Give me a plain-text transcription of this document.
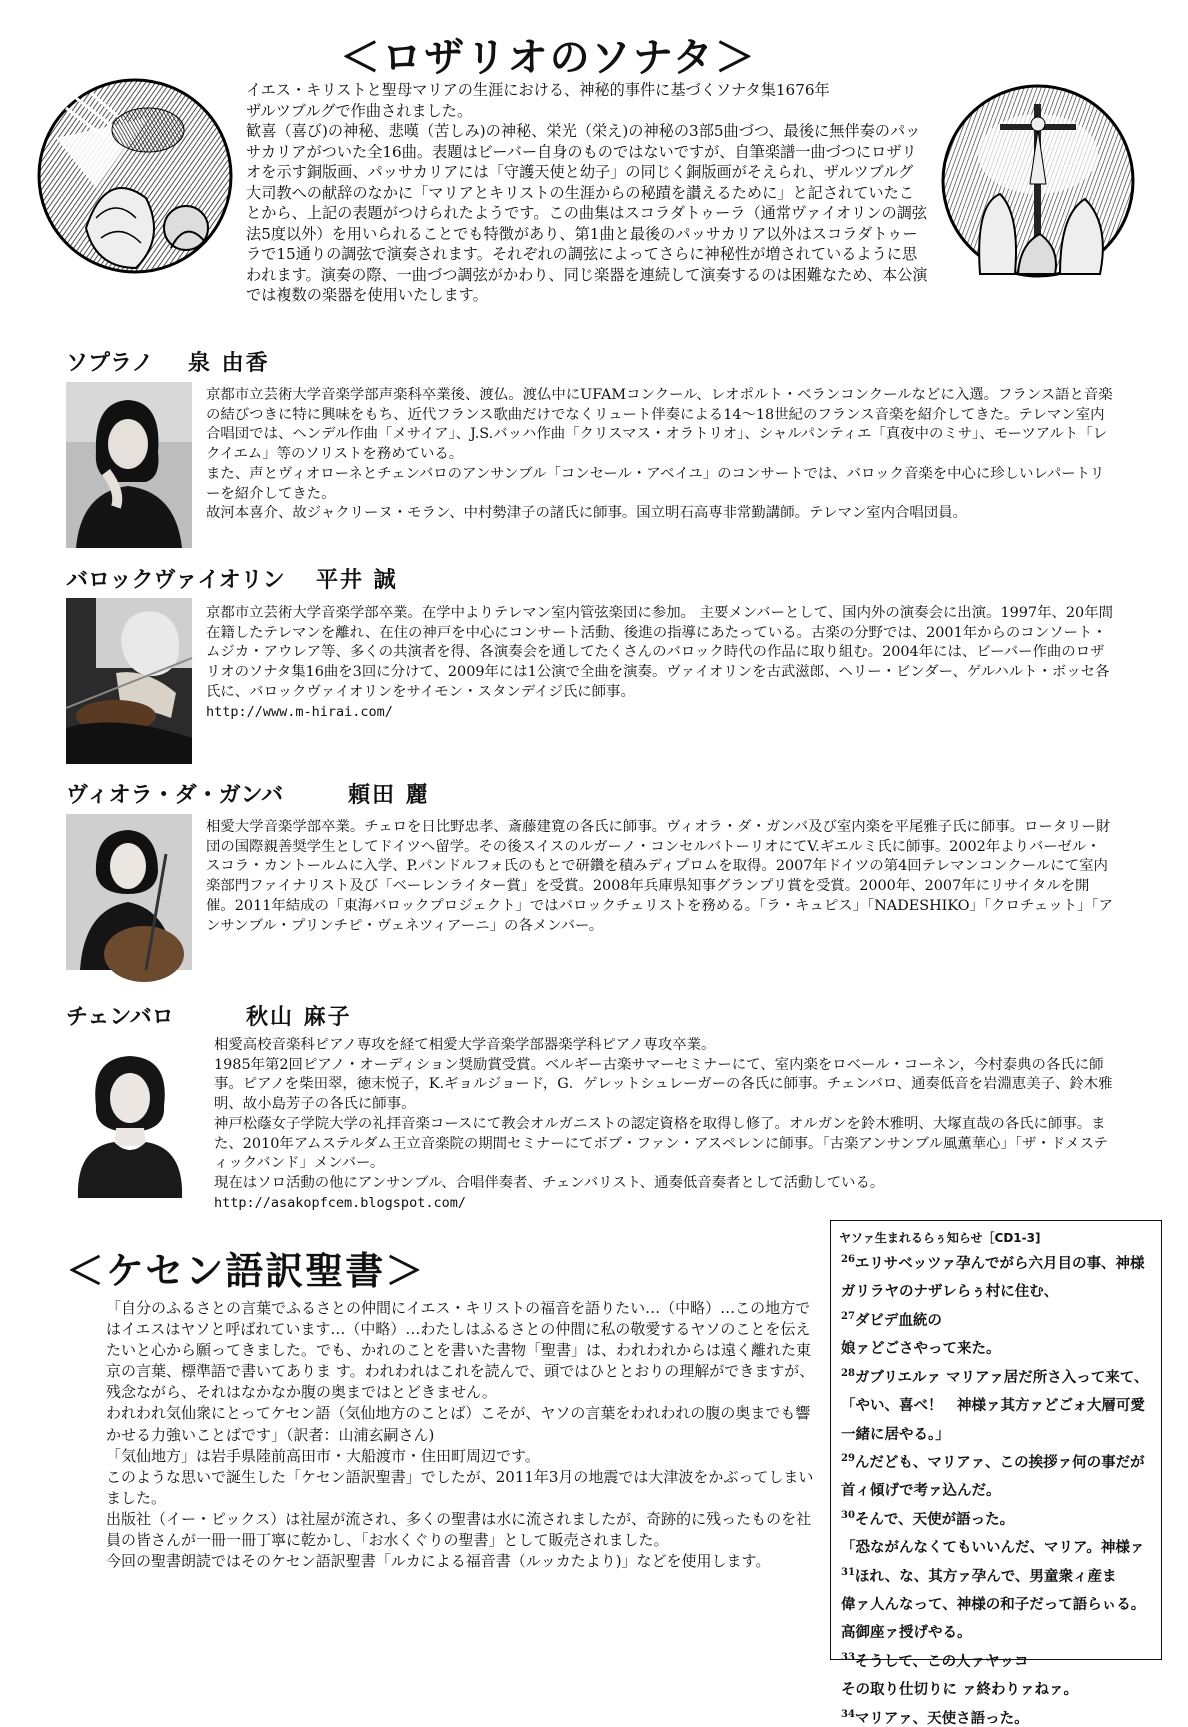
＜ロザリオのソナタ＞

イエス・キリストと聖母マリアの生涯における、神秘的事件に基づくソナタ集1676年

ザルツブルグで作曲されました。

歓喜（喜び)の神秘、悲嘆（苦しみ)の神秘、栄光（栄え)の神秘の3部5曲づつ、最後に無伴奏のパッサカリアがついた全16曲。表題はビーバー自身のものではないですが、自筆楽譜一曲づつにロザリオを示す銅版画、パッサカリアには「守護天使と幼子」の同じく銅版画がそえられ、ザルツブルグ大司教への献辞のなかに「マリアとキリストの生涯からの秘蹟を讃えるために」と記されていたことから、上記の表題がつけられたようです。この曲集はスコラダトゥーラ（通常ヴァイオリンの調弦法5度以外）を用いられることでも特徴があり、第1曲と最後のパッサカリア以外はスコラダトゥーラで15通りの調弦で演奏されます。それぞれの調弦によってさらに神秘性が増されているように思われます。演奏の際、一曲づつ調弦がかわり、同じ楽器を連続して演奏するのは困難なため、本公演では複数の楽器を使用いたします。

ソプラノ 泉 由香

京都市立芸術大学音楽学部声楽科卒業後、渡仏。渡仏中にUFAMコンクール、レオポルト・ベランコンクールなどに入選。フランス語と音楽の結びつきに特に興味をもち、近代フランス歌曲だけでなくリュート伴奏による14～18世紀のフランス音楽を紹介してきた。テレマン室内合唱団では、ヘンデル作曲「メサイア」、J.S.バッハ作曲「クリスマス・オラトリオ」、シャルパンティエ「真夜中のミサ」、モーツアルト「レクイエム」等のソリストを務めている。

また、声とヴィオローネとチェンバロのアンサンブル「コンセール・アベイユ」のコンサートでは、バロック音楽を中心に珍しいレパートリーを紹介してきた。

故河本喜介、故ジャクリーヌ・モラン、中村勢津子の諸氏に師事。国立明石高専非常勤講師。テレマン室内合唱団員。

バロックヴァイオリン 平井 誠

京都市立芸術大学音楽学部卒業。在学中よりテレマン室内管弦楽団に参加。 主要メンバーとして、国内外の演奏会に出演。1997年、20年間在籍したテレマンを離れ、在住の神戸を中心にコンサート活動、後進の指導にあたっている。古楽の分野では、2001年からのコンソート・ムジカ・アウレア等、多くの共演者を得、各演奏会を通してたくさんのバロック時代の作品に取り組む。2004年には、ビーバー作曲のロザリオのソナタ集16曲を3回に分けて、2009年には1公演で全曲を演奏。ヴァイオリンを古武滋郎、ヘリー・ビンダー、ゲルハルト・ボッセ各氏に、バロックヴァイオリンをサイモン・スタンデイジ氏に師事。

http://www.m-hirai.com/

ヴィオラ・ダ・ガンバ	頼田 麗

相愛大学音楽学部卒業。チェロを日比野忠孝、斎藤建寛の各氏に師事。ヴィオラ・ダ・ガンバ及び室内楽を平尾雅子氏に師事。ロータリー財団の国際親善奨学生としてドイツへ留学。その後スイスのルガーノ・コンセルバトーリオにてV.ギエルミ氏に師事。2002年よりバーゼル・スコラ・カントールムに入学、P.パンドルフォ氏のもとで研鑽を積みディプロムを取得。2007年ドイツの第4回テレマンコンクールにて室内楽部門ファイナリスト及び「ベーレンライター賞」を受賞。2008年兵庫県知事グランプリ賞を受賞。2000年、2007年にリサイタルを開催。2011年結成の「東海バロックプロジェクト」ではバロックチェリストを務める。「ラ・キュピス」「NADESHIKO」「クロチェット」「アンサンブル・プリンチピ・ヴェネツィアーニ」の各メンバー。

チェンバロ	秋山 麻子

相愛高校音楽科ピアノ専攻を経て相愛大学音楽学部器楽学科ピアノ専攻卒業。

1985年第2回ピアノ・オーディション奨励賞受賞。ベルギー古楽サマーセミナーにて、室内楽をロベール・コーネン，今村泰典の各氏に師事。ピアノを柴田翠，徳末悦子，K.ギョルジョード，G．ゲレットシュレーガーの各氏に師事。チェンバロ、通奏低音を岩淵恵美子、鈴木雅明、故小島芳子の各氏に師事。

神戸松蔭女子学院大学の礼拝音楽コースにて教会オルガニストの認定資格を取得し修了。オルガンを鈴木雅明、大塚直哉の各氏に師事。また、2010年アムステルダム王立音楽院の期間セミナーにてボブ・ファン・アスペレンに師事。「古楽アンサンブル風薫華心」「ザ・ドメスティックバンド」メンバー。

現在はソロ活動の他にアンサンブル、合唱伴奏者、チェンバリスト、通奏低音奏者として活動している。

http://asakopfcem.blogspot.com/

＜ケセン語訳聖書＞

「自分のふるさとの言葉でふるさとの仲間にイエス・キリストの福音を語りたい…（中略）…この地方ではイエスはヤソと呼ばれています…（中略）…わたしはふるさとの仲間に私の敬愛するヤソのことを伝えたいと心から願ってきました。でも、かれのことを書いた書物「聖書」は、われわれからは遠く離れた東京の言葉、標準語で書いてありま す。われわれはこれを読んで、頭ではひととおりの理解ができますが、残念ながら、それはなかなか腹の奥まではとどきません。

われわれ気仙衆にとってケセン語（気仙地方のことば）こそが、ヤソの言葉をわれわれの腹の奥までも響かせる力強いことばです」（訳者：山浦玄嗣さん)

「気仙地方」は岩手県陸前高田市・大船渡市・住田町周辺です。

このような思いで誕生した「ケセン語訳聖書」でしたが、2011年3月の地震では大津波をかぶってしまいました。

出版社（イー・ピックス）は社屋が流され、多くの聖書は水に流されましたが、奇跡的に残ったものを社員の皆さんが一冊一冊丁寧に乾かし、「お水くぐりの聖書」として販売されました。

今回の聖書朗読ではそのケセン語訳聖書「ルカによる福音書（ルッカたより)」などを使用します。

ヤソァ生まれるらぅ知らせ［CD1-3]
$^{26}$エリサベッツァ孕んでがら六月目の事、神様
ガリラヤのナザレらぅ村に住む、
$^{27}$ダビデ血統の
娘ァどごさやって来た。
$^{28}$ガブリエルァ マリアァ居だ所さ入って来て、
「やい、喜べ！　神様ァ其方ァどごォ大層可愛
一緒に居やる。」
$^{29}$んだども、マリアァ、この挨拶ァ何の事だが
首ィ傾げで考ァ込んだ。
$^{30}$そんで、天使が語った。
「恐ながんなくてもいいんだ、マリア。神様ァ
$^{31}$ほれ、な、其方ァ孕んで、男童衆ィ産ま
偉ァ人んなって、神様の和子だって語らぃる。
高御座ァ授げやる。
$^{33}$そうして、この人ァヤッコ
その取り仕切りに ァ終わりァねァ。
$^{34}$マリアァ、天使さ語った。
